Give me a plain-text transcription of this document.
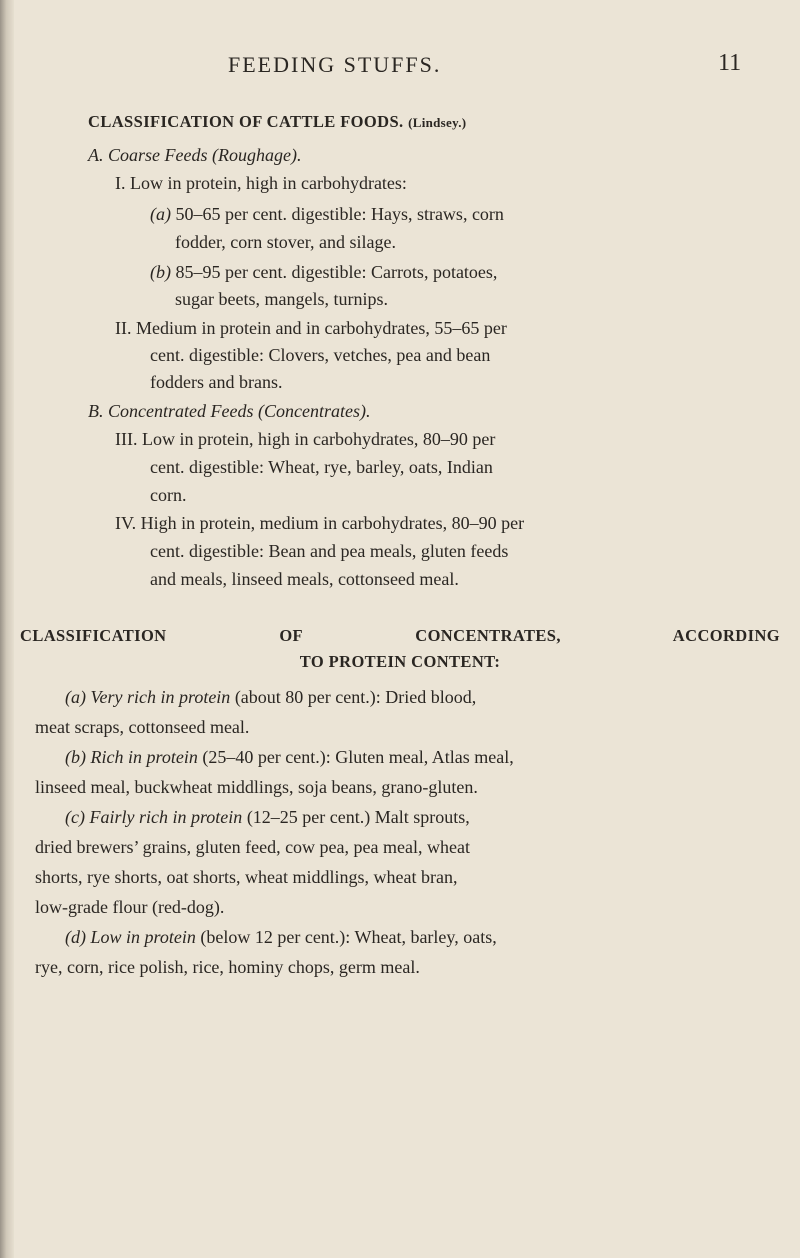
FEEDING STUFFS.	11
CLASSIFICATION OF CATTLE FOODS. (Lindsey.)
A. Coarse Feeds (Roughage).
I. Low in protein, high in carbohydrates:
(a) 50–65 per cent. digestible: Hays, straws, corn
fodder, corn stover, and silage.
(b) 85–95 per cent. digestible: Carrots, potatoes,
sugar beets, mangels, turnips.
II. Medium in protein and in carbohydrates, 55–65 per
cent. digestible: Clovers, vetches, pea and bean
fodders and brans.
B. Concentrated Feeds (Concentrates).
III. Low in protein, high in carbohydrates, 80–90 per
cent. digestible: Wheat, rye, barley, oats, Indian
corn.
IV. High in protein, medium in carbohydrates, 80–90 per
cent. digestible: Bean and pea meals, gluten feeds
and meals, linseed meals, cottonseed meal.
CLASSIFICATION OF CONCENTRATES, ACCORDING
TO PROTEIN CONTENT:
(a) Very rich in protein (about 80 per cent.): Dried blood,
meat scraps, cottonseed meal.
(b) Rich in protein (25–40 per cent.): Gluten meal, Atlas meal,
linseed meal, buckwheat middlings, soja beans, grano-gluten.
(c) Fairly rich in protein (12–25 per cent.) Malt sprouts,
dried brewers’ grains, gluten feed, cow pea, pea meal, wheat
shorts, rye shorts, oat shorts, wheat middlings, wheat bran,
low-grade flour (red-dog).
(d) Low in protein (below 12 per cent.): Wheat, barley, oats,
rye, corn, rice polish, rice, hominy chops, germ meal.
